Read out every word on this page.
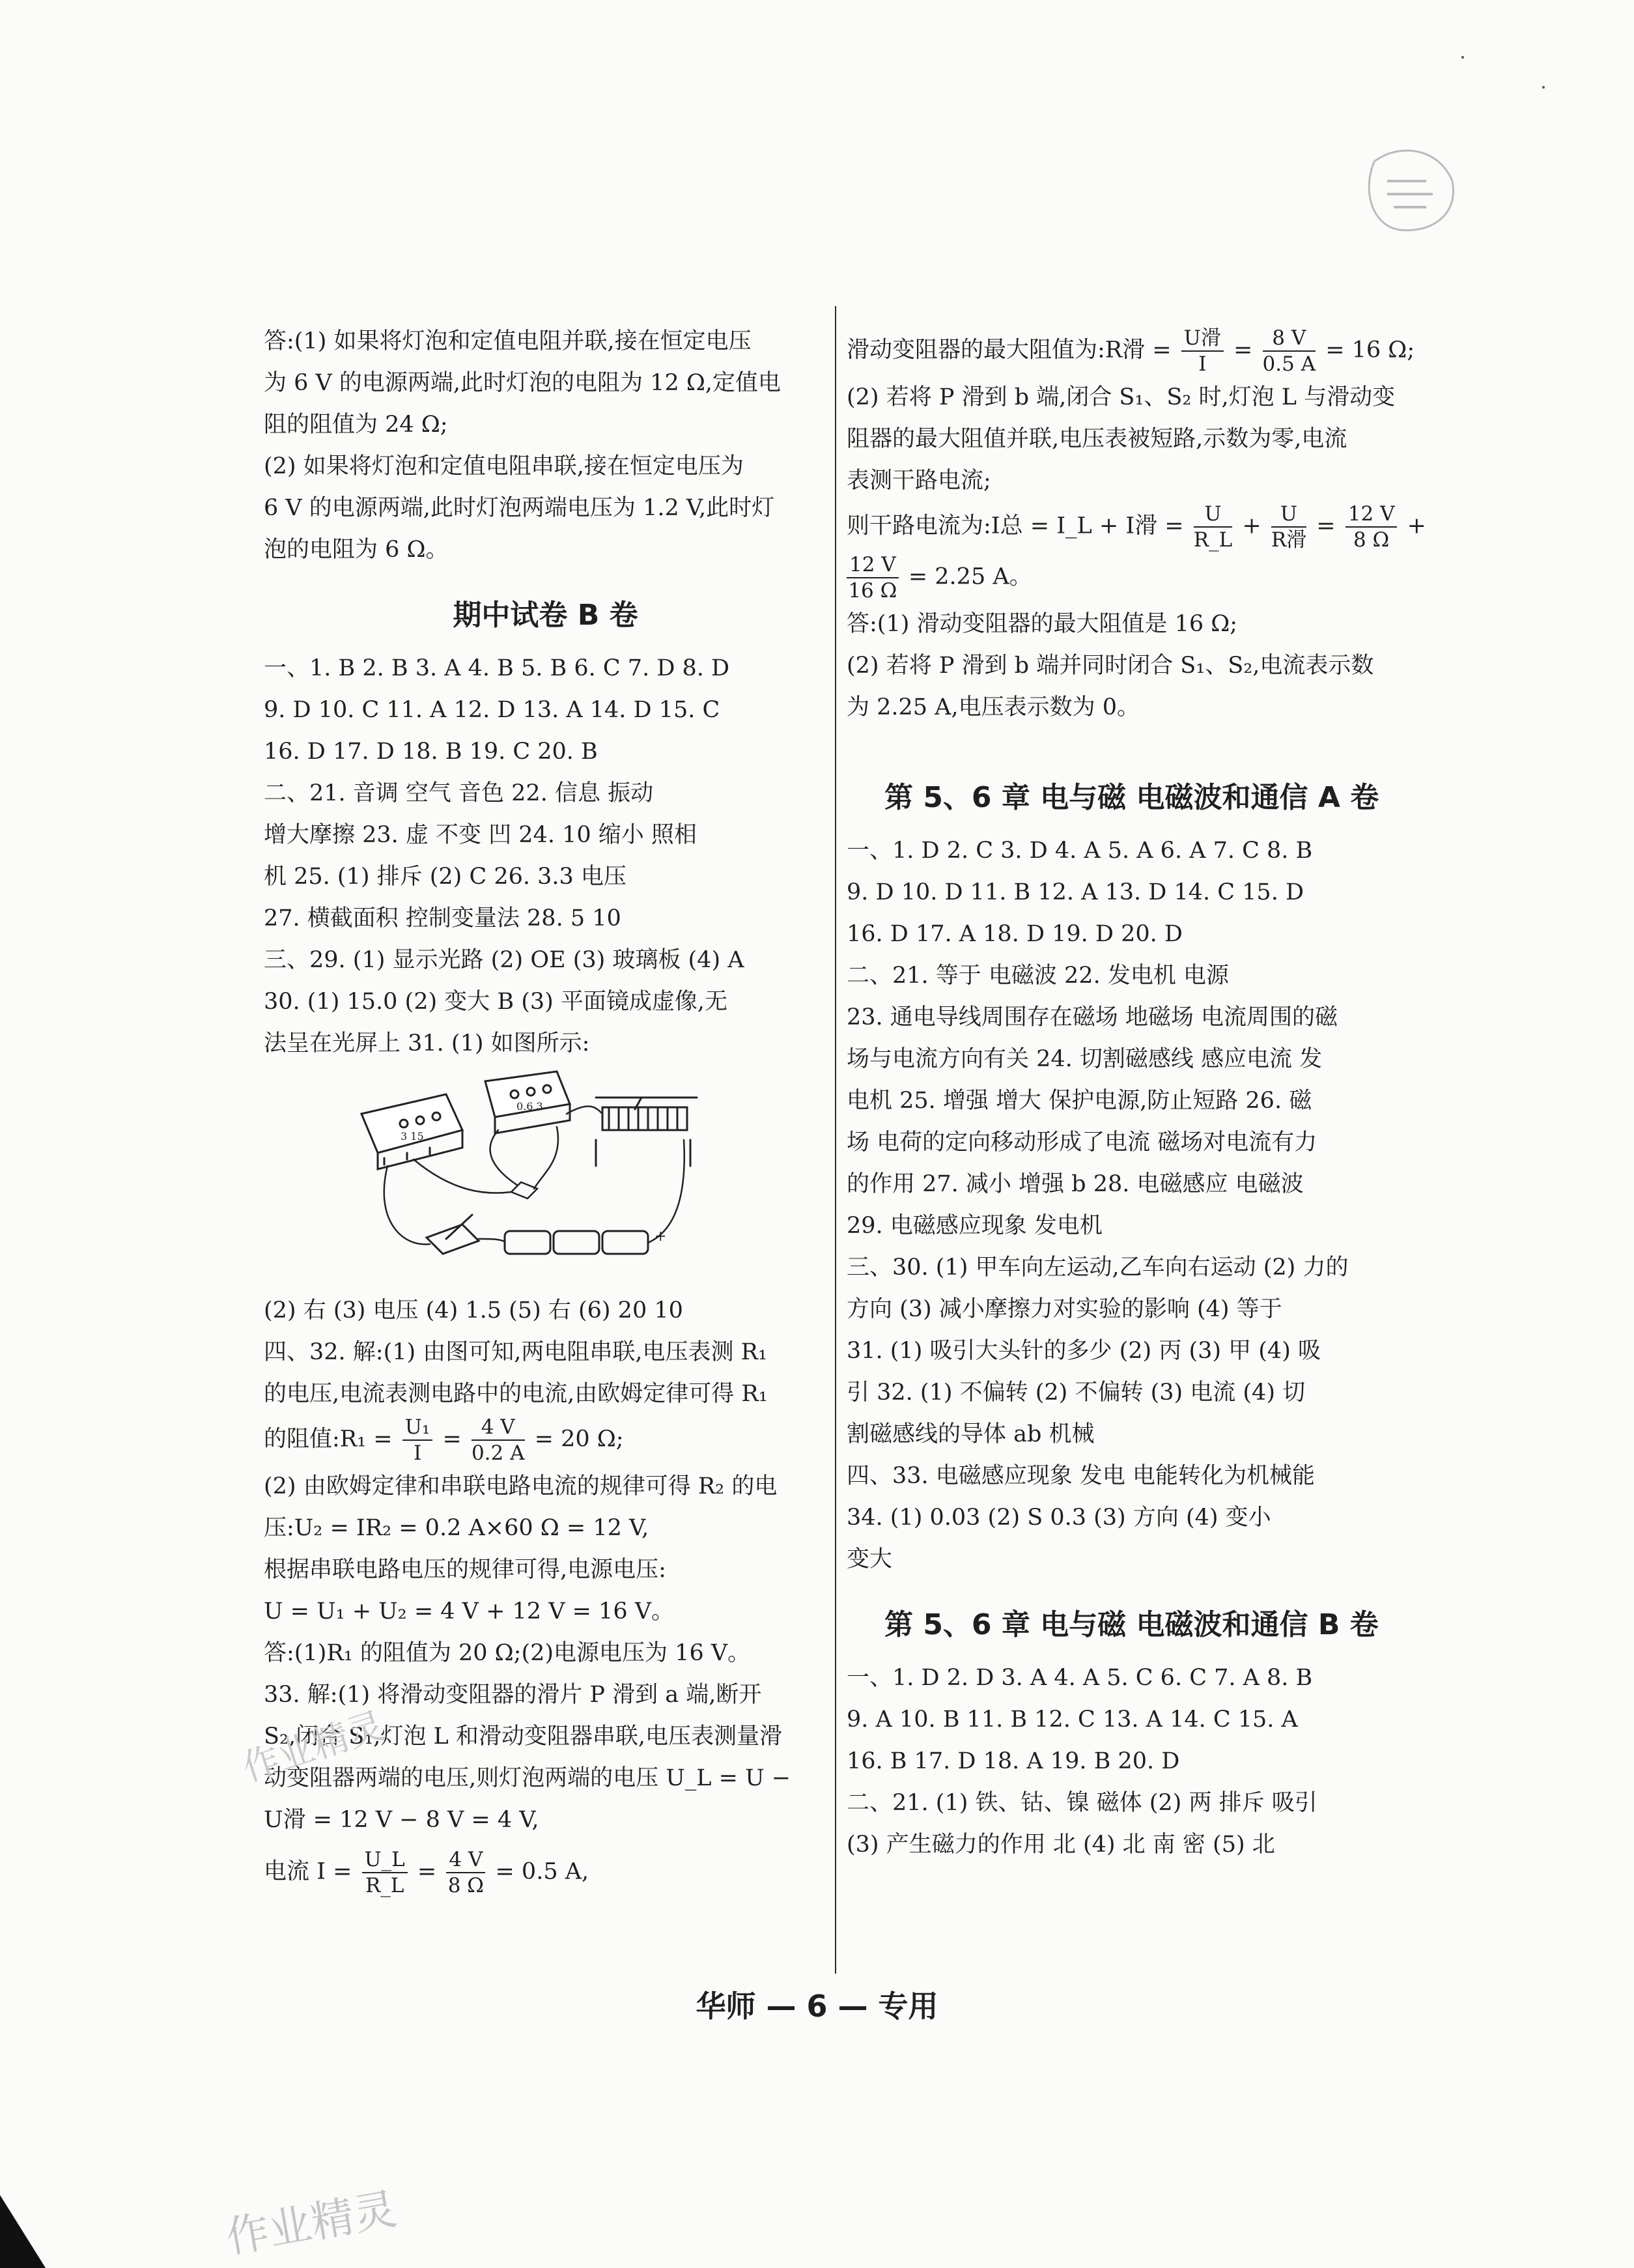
答:(1) 如果将灯泡和定值电阻并联,接在恒定电压
为 6 V 的电源两端,此时灯泡的电阻为 12 Ω,定值电
阻的阻值为 24 Ω;
(2) 如果将灯泡和定值电阻串联,接在恒定电压为
6 V 的电源两端,此时灯泡两端电压为 1.2 V,此时灯
泡的电阻为 6 Ω。
期中试卷 B 卷
一、1. B 2. B 3. A 4. B 5. B 6. C 7. D 8. D
9. D 10. C 11. A 12. D 13. A 14. D 15. C
16. D 17. D 18. B 19. C 20. B
二、21. 音调 空气 音色 22. 信息 振动
增大摩擦 23. 虚 不变 凹 24. 10 缩小 照相
机 25. (1) 排斥 (2) C 26. 3.3 电压
27. 横截面积 控制变量法 28. 5 10
三、29. (1) 显示光路 (2) OE (3) 玻璃板 (4) A
30. (1) 15.0 (2) 变大 B (3) 平面镜成虚像,无
法呈在光屏上 31. (1) 如图所示:
3 15
0.6 3
+
(2) 右 (3) 电压 (4) 1.5 (5) 右 (6) 20 10
四、32. 解:(1) 由图可知,两电阻串联,电压表测 R₁
的电压,电流表测电路中的电流,由欧姆定律可得 R₁
的阻值:R₁ = $\frac{\text{U₁}}{I} = \frac{4 V}{0.2 A} = 20$ Ω;
(2) 由欧姆定律和串联电路电流的规律可得 R₂ 的电
压:U₂ = IR₂ = 0.2 A×60 Ω = 12 V,
根据串联电路电压的规律可得,电源电压:
U = U₁ + U₂ = 4 V + 12 V = 16 V。
答:(1)R₁ 的阻值为 20 Ω;(2)电源电压为 16 V。
33. 解:(1) 将滑动变阻器的滑片 P 滑到 a 端,断开
S₂,闭合 S₁,灯泡 L 和滑动变阻器串联,电压表测量滑
动变阻器两端的电压,则灯泡两端的电压 U_L = U −
U滑 = 12 V − 8 V = 4 V,
电流 $I = \frac{U\_L}{R\_L} = \frac{4 V}{8 \Omega} = 0.5$ A,
滑动变阻器的最大阻值为:R滑 = U滑
I
= $\frac{8 V}{0.5 A} = 16$ Ω;
(2) 若将 P 滑到 b 端,闭合 S₁、S₂ 时,灯泡 L 与滑动变
阻器的最大阻值并联,电压表被短路,示数为零,电流
表测干路电流;
则干路电流为:I总 = I_L + I滑 = $\frac{U}{R\_L} + U$
R滑
= $\frac{12 V}{8 \Omega}$ +
$\frac{12 V}{16 \Omega} = 2.25$ A。
答:(1) 滑动变阻器的最大阻值是 16 Ω;
(2) 若将 P 滑到 b 端并同时闭合 S₁、S₂,电流表示数
为 2.25 A,电压表示数为 0。
第 5、6 章 电与磁 电磁波和通信 A 卷
一、1. D 2. C 3. D 4. A 5. A 6. A 7. C 8. B
9. D 10. D 11. B 12. A 13. D 14. C 15. D
16. D 17. A 18. D 19. D 20. D
二、21. 等于 电磁波 22. 发电机 电源
23. 通电导线周围存在磁场 地磁场 电流周围的磁
场与电流方向有关 24. 切割磁感线 感应电流 发
电机 25. 增强 增大 保护电源,防止短路 26. 磁
场 电荷的定向移动形成了电流 磁场对电流有力
的作用 27. 减小 增强 b 28. 电磁感应 电磁波
29. 电磁感应现象 发电机
三、30. (1) 甲车向左运动,乙车向右运动 (2) 力的
方向 (3) 减小摩擦力对实验的影响 (4) 等于
31. (1) 吸引大头针的多少 (2) 丙 (3) 甲 (4) 吸
引 32. (1) 不偏转 (2) 不偏转 (3) 电流 (4) 切
割磁感线的导体 ab 机械
四、33. 电磁感应现象 发电 电能转化为机械能
34. (1) 0.03 (2) S 0.3 (3) 方向 (4) 变小
变大
第 5、6 章 电与磁 电磁波和通信 B 卷
一、1. D 2. D 3. A 4. A 5. C 6. C 7. A 8. B
9. A 10. B 11. B 12. C 13. A 14. C 15. A
16. B 17. D 18. A 19. B 20. D
二、21. (1) 铁、钴、镍 磁体 (2) 两 排斥 吸引
(3) 产生磁力的作用 北 (4) 北 南 密 (5) 北
华师 — 6 — 专用
作业精灵
作业精灵
